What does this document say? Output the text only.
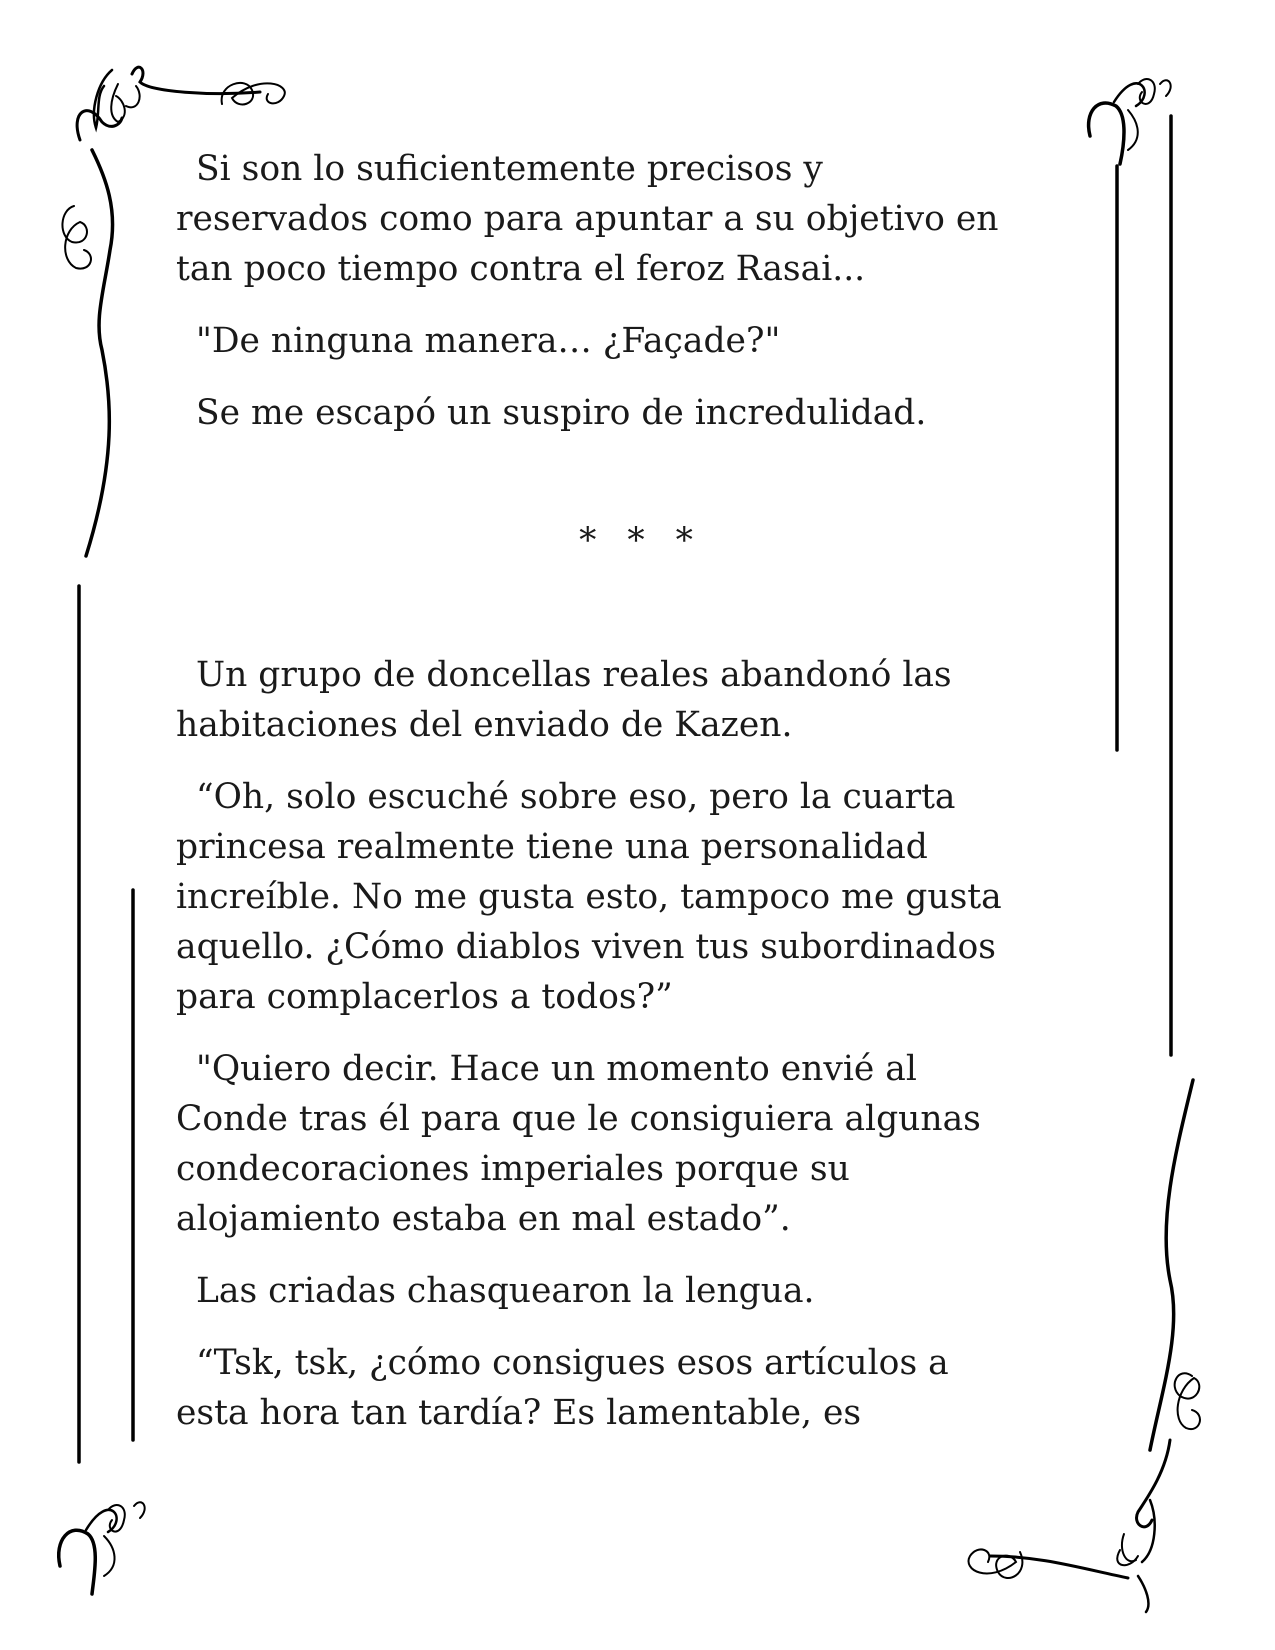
Si son lo suficientemente precisos y
reservados como para apuntar a su objetivo en
tan poco tiempo contra el feroz Rasai...

"De ninguna manera… ¿Façade?"

Se me escapó un suspiro de incredulidad.

* * *

Un grupo de doncellas reales abandonó las
habitaciones del enviado de Kazen.

“Oh, solo escuché sobre eso, pero la cuarta
princesa realmente tiene una personalidad
increíble. No me gusta esto, tampoco me gusta
aquello. ¿Cómo diablos viven tus subordinados
para complacerlos a todos?”

"Quiero decir. Hace un momento envié al
Conde tras él para que le consiguiera algunas
condecoraciones imperiales porque su
alojamiento estaba en mal estado”.

Las criadas chasquearon la lengua.

“Tsk, tsk, ¿cómo consigues esos artículos a
esta hora tan tardía? Es lamentable, es
